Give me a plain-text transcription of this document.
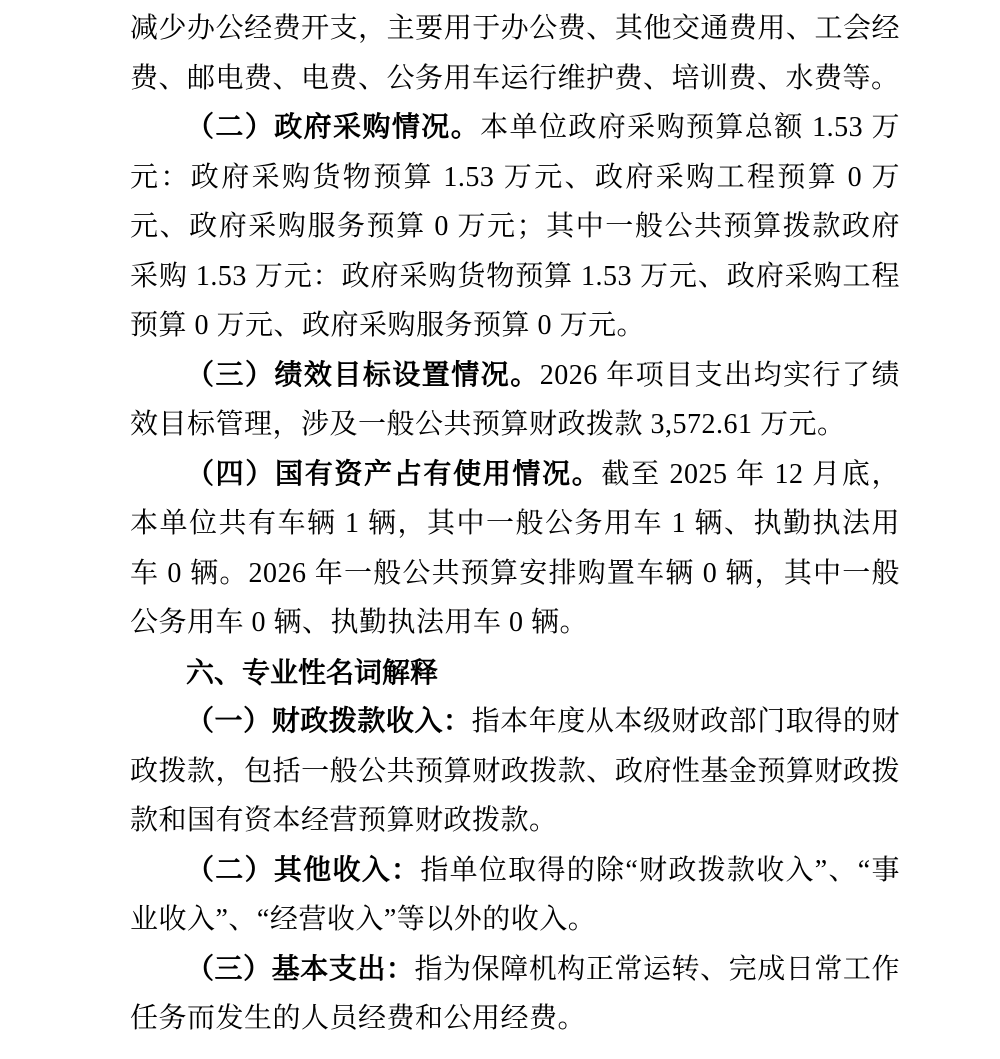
减少办公经费开支，主要用于办公费、其他交通费用、工会经费、邮电费、电费、公务用车运行维护费、培训费、水费等。

（二）政府采购情况。本单位政府采购预算总额 1.53 万元：政府采购货物预算 1.53 万元、政府采购工程预算 0 万元、政府采购服务预算 0 万元；其中一般公共预算拨款政府采购 1.53 万元：政府采购货物预算 1.53 万元、政府采购工程预算 0 万元、政府采购服务预算 0 万元。

（三）绩效目标设置情况。2026 年项目支出均实行了绩效目标管理，涉及一般公共预算财政拨款 3,572.61 万元。

（四）国有资产占有使用情况。截至 2025 年 12 月底，本单位共有车辆 1 辆，其中一般公务用车 1 辆、执勤执法用车 0 辆。2026 年一般公共预算安排购置车辆 0 辆，其中一般公务用车 0 辆、执勤执法用车 0 辆。

六、专业性名词解释

（一）财政拨款收入：指本年度从本级财政部门取得的财政拨款，包括一般公共预算财政拨款、政府性基金预算财政拨款和国有资本经营预算财政拨款。

（二）其他收入：指单位取得的除“财政拨款收入”、“事业收入”、“经营收入”等以外的收入。

（三）基本支出：指为保障机构正常运转、完成日常工作任务而发生的人员经费和公用经费。
